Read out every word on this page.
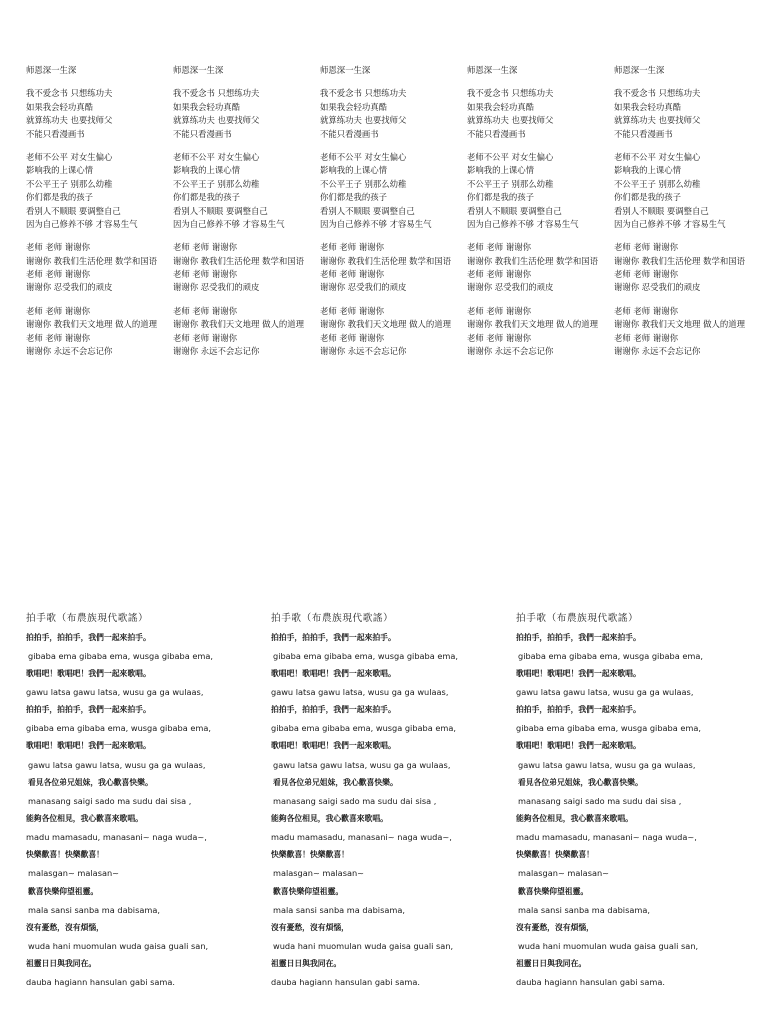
师恩深一生深
我不爱念书 只想练功夫
如果我会轻功真酷
就算练功夫 也要找师父
不能只看漫画书
老师不公平 对女生偏心
影响我的上课心情
不公平王子 别那么幼稚
你们都是我的孩子
看别人不顺眼 要调整自己
因为自己修养不够 才容易生气
老师 老师 谢谢你
谢谢你 教我们生活伦理 数学和国语
老师 老师 谢谢你
谢谢你 忍受我们的顽皮
老师 老师 谢谢你
谢谢你 教我们天文地理 做人的道理
老师 老师 谢谢你
谢谢你 永远不会忘记你
师恩深一生深
我不爱念书 只想练功夫
如果我会轻功真酷
就算练功夫 也要找师父
不能只看漫画书
老师不公平 对女生偏心
影响我的上课心情
不公平王子 别那么幼稚
你们都是我的孩子
看别人不顺眼 要调整自己
因为自己修养不够 才容易生气
老师 老师 谢谢你
谢谢你 教我们生活伦理 数学和国语
老师 老师 谢谢你
谢谢你 忍受我们的顽皮
老师 老师 谢谢你
谢谢你 教我们天文地理 做人的道理
老师 老师 谢谢你
谢谢你 永远不会忘记你
师恩深一生深
我不爱念书 只想练功夫
如果我会轻功真酷
就算练功夫 也要找师父
不能只看漫画书
老师不公平 对女生偏心
影响我的上课心情
不公平王子 别那么幼稚
你们都是我的孩子
看别人不顺眼 要调整自己
因为自己修养不够 才容易生气
老师 老师 谢谢你
谢谢你 教我们生活伦理 数学和国语
老师 老师 谢谢你
谢谢你 忍受我们的顽皮
老师 老师 谢谢你
谢谢你 教我们天文地理 做人的道理
老师 老师 谢谢你
谢谢你 永远不会忘记你
师恩深一生深
我不爱念书 只想练功夫
如果我会轻功真酷
就算练功夫 也要找师父
不能只看漫画书
老师不公平 对女生偏心
影响我的上课心情
不公平王子 别那么幼稚
你们都是我的孩子
看别人不顺眼 要调整自己
因为自己修养不够 才容易生气
老师 老师 谢谢你
谢谢你 教我们生活伦理 数学和国语
老师 老师 谢谢你
谢谢你 忍受我们的顽皮
老师 老师 谢谢你
谢谢你 教我们天文地理 做人的道理
老师 老师 谢谢你
谢谢你 永远不会忘记你
师恩深一生深
我不爱念书 只想练功夫
如果我会轻功真酷
就算练功夫 也要找师父
不能只看漫画书
老师不公平 对女生偏心
影响我的上课心情
不公平王子 别那么幼稚
你们都是我的孩子
看别人不顺眼 要调整自己
因为自己修养不够 才容易生气
老师 老师 谢谢你
谢谢你 教我们生活伦理 数学和国语
老师 老师 谢谢你
谢谢你 忍受我们的顽皮
老师 老师 谢谢你
谢谢你 教我们天文地理 做人的道理
老师 老师 谢谢你
谢谢你 永远不会忘记你
拍手歌（布農族現代歌謠）
拍拍手，拍拍手，我們一起來拍手。
gibaba ema gibaba ema, wusga gibaba ema,
歌唱吧！歌唱吧！我們一起來歌唱。
gawu latsa gawu latsa, wusu ga ga wulaas,
拍拍手，拍拍手，我們一起來拍手。
gibaba ema gibaba ema, wusga gibaba ema,
歌唱吧！歌唱吧！我們一起來歌唱。
gawu latsa gawu latsa, wusu ga ga wulaas,
看見各位弟兄姐妹，我心歡喜快樂。
manasang saigi sado ma sudu dai sisa ,
能夠各位相見，我心歡喜來歌唱。
madu mamasadu, manasani~ naga wuda~,
快樂歡喜！快樂歡喜！
malasgan~ malasan~
歡喜快樂仰望祖靈。
mala sansi sanba ma dabisama,
沒有憂愁，沒有煩惱，
wuda hani muomulan wuda gaisa guali san,
祖靈日日與我同在。
dauba hagiann hansulan gabi sama.
拍手歌（布農族現代歌謠）
拍拍手，拍拍手，我們一起來拍手。
gibaba ema gibaba ema, wusga gibaba ema,
歌唱吧！歌唱吧！我們一起來歌唱。
gawu latsa gawu latsa, wusu ga ga wulaas,
拍拍手，拍拍手，我們一起來拍手。
gibaba ema gibaba ema, wusga gibaba ema,
歌唱吧！歌唱吧！我們一起來歌唱。
gawu latsa gawu latsa, wusu ga ga wulaas,
看見各位弟兄姐妹，我心歡喜快樂。
manasang saigi sado ma sudu dai sisa ,
能夠各位相見，我心歡喜來歌唱。
madu mamasadu, manasani~ naga wuda~,
快樂歡喜！快樂歡喜！
malasgan~ malasan~
歡喜快樂仰望祖靈。
mala sansi sanba ma dabisama,
沒有憂愁，沒有煩惱，
wuda hani muomulan wuda gaisa guali san,
祖靈日日與我同在。
dauba hagiann hansulan gabi sama.
拍手歌（布農族現代歌謠）
拍拍手，拍拍手，我們一起來拍手。
gibaba ema gibaba ema, wusga gibaba ema,
歌唱吧！歌唱吧！我們一起來歌唱。
gawu latsa gawu latsa, wusu ga ga wulaas,
拍拍手，拍拍手，我們一起來拍手。
gibaba ema gibaba ema, wusga gibaba ema,
歌唱吧！歌唱吧！我們一起來歌唱。
gawu latsa gawu latsa, wusu ga ga wulaas,
看見各位弟兄姐妹，我心歡喜快樂。
manasang saigi sado ma sudu dai sisa ,
能夠各位相見，我心歡喜來歌唱。
madu mamasadu, manasani~ naga wuda~,
快樂歡喜！快樂歡喜！
malasgan~ malasan~
歡喜快樂仰望祖靈。
mala sansi sanba ma dabisama,
沒有憂愁，沒有煩惱，
wuda hani muomulan wuda gaisa guali san,
祖靈日日與我同在。
dauba hagiann hansulan gabi sama.
